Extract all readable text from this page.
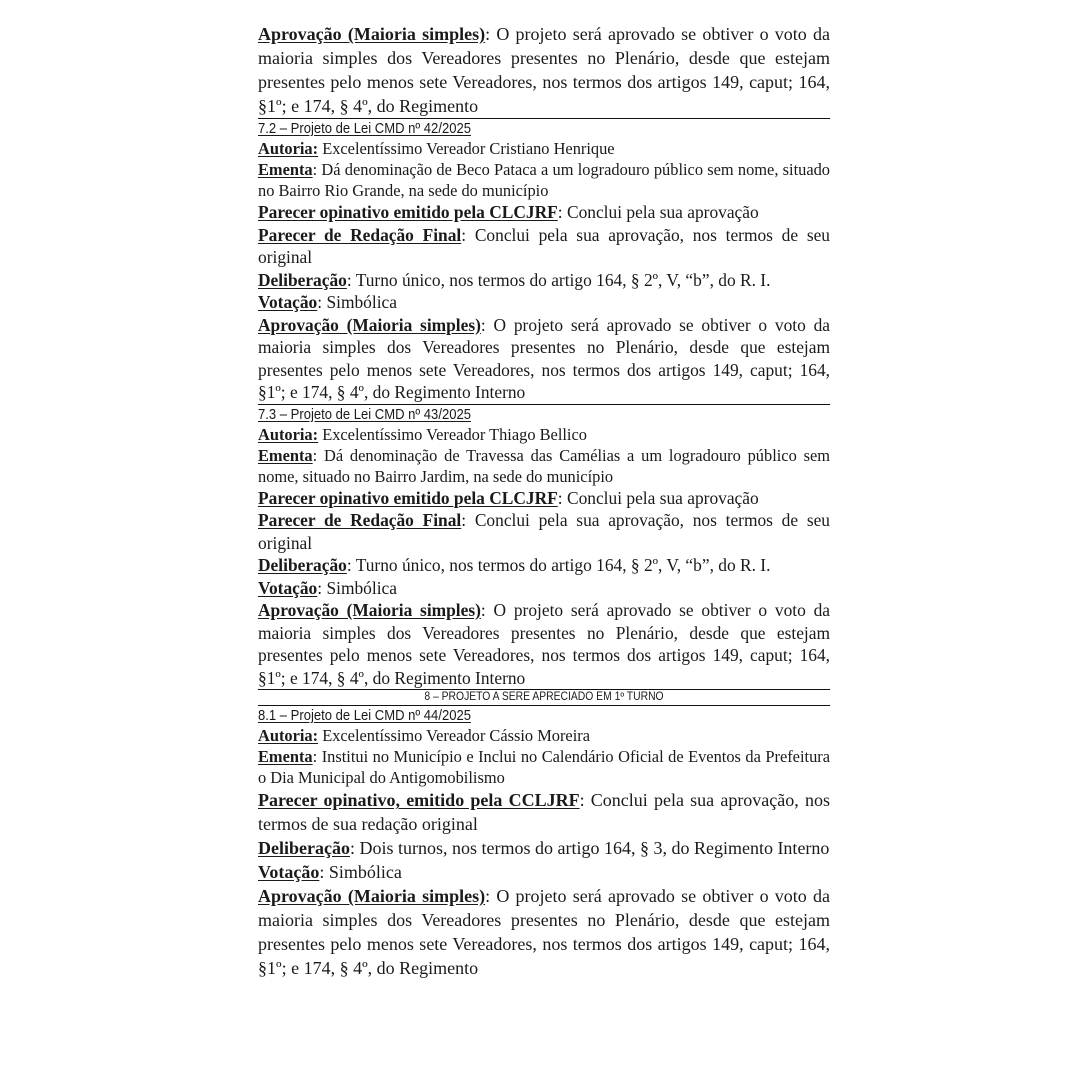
Aprovação (Maioria simples): O projeto será aprovado se obtiver o voto da maioria simples dos Vereadores presentes no Plenário, desde que estejam presentes pelo menos sete Vereadores, nos termos dos artigos 149, caput; 164, §1º; e 174, § 4º, do Regimento
7.2 – Projeto de Lei CMD nº 42/2025
Autoria: Excelentíssimo Vereador Cristiano Henrique
Ementa: Dá denominação de Beco Pataca a um logradouro público sem nome, situado no Bairro Rio Grande, na sede do município
Parecer opinativo emitido pela CLCJRF: Conclui pela sua aprovação
Parecer de Redação Final: Conclui pela sua aprovação, nos termos de seu original
Deliberação: Turno único, nos termos do artigo 164, § 2º, V, “b”, do R. I.
Votação: Simbólica
Aprovação (Maioria simples): O projeto será aprovado se obtiver o voto da maioria simples dos Vereadores presentes no Plenário, desde que estejam presentes pelo menos sete Vereadores, nos termos dos artigos 149, caput; 164, §1º; e 174, § 4º, do Regimento Interno
7.3 – Projeto de Lei CMD nº 43/2025
Autoria: Excelentíssimo Vereador Thiago Bellico
Ementa: Dá denominação de Travessa das Camélias a um logradouro público sem nome, situado no Bairro Jardim, na sede do município
Parecer opinativo emitido pela CLCJRF: Conclui pela sua aprovação
Parecer de Redação Final: Conclui pela sua aprovação, nos termos de seu original
Deliberação: Turno único, nos termos do artigo 164, § 2º, V, “b”, do R. I.
Votação: Simbólica
Aprovação (Maioria simples): O projeto será aprovado se obtiver o voto da maioria simples dos Vereadores presentes no Plenário, desde que estejam presentes pelo menos sete Vereadores, nos termos dos artigos 149, caput; 164, §1º; e 174, § 4º, do Regimento Interno
8 – PROJETO A SERE APRECIADO EM 1º TURNO
8.1 – Projeto de Lei CMD nº 44/2025
Autoria: Excelentíssimo Vereador Cássio Moreira
Ementa: Institui no Município e Inclui no Calendário Oficial de Eventos da Prefeitura o Dia Municipal do Antigomobilismo
Parecer opinativo, emitido pela CCLJRF: Conclui pela sua aprovação, nos termos de sua redação original
Deliberação: Dois turnos, nos termos do artigo 164, § 3, do Regimento Interno
Votação: Simbólica
Aprovação (Maioria simples): O projeto será aprovado se obtiver o voto da maioria simples dos Vereadores presentes no Plenário, desde que estejam presentes pelo menos sete Vereadores, nos termos dos artigos 149, caput; 164, §1º; e 174, § 4º, do Regimento
